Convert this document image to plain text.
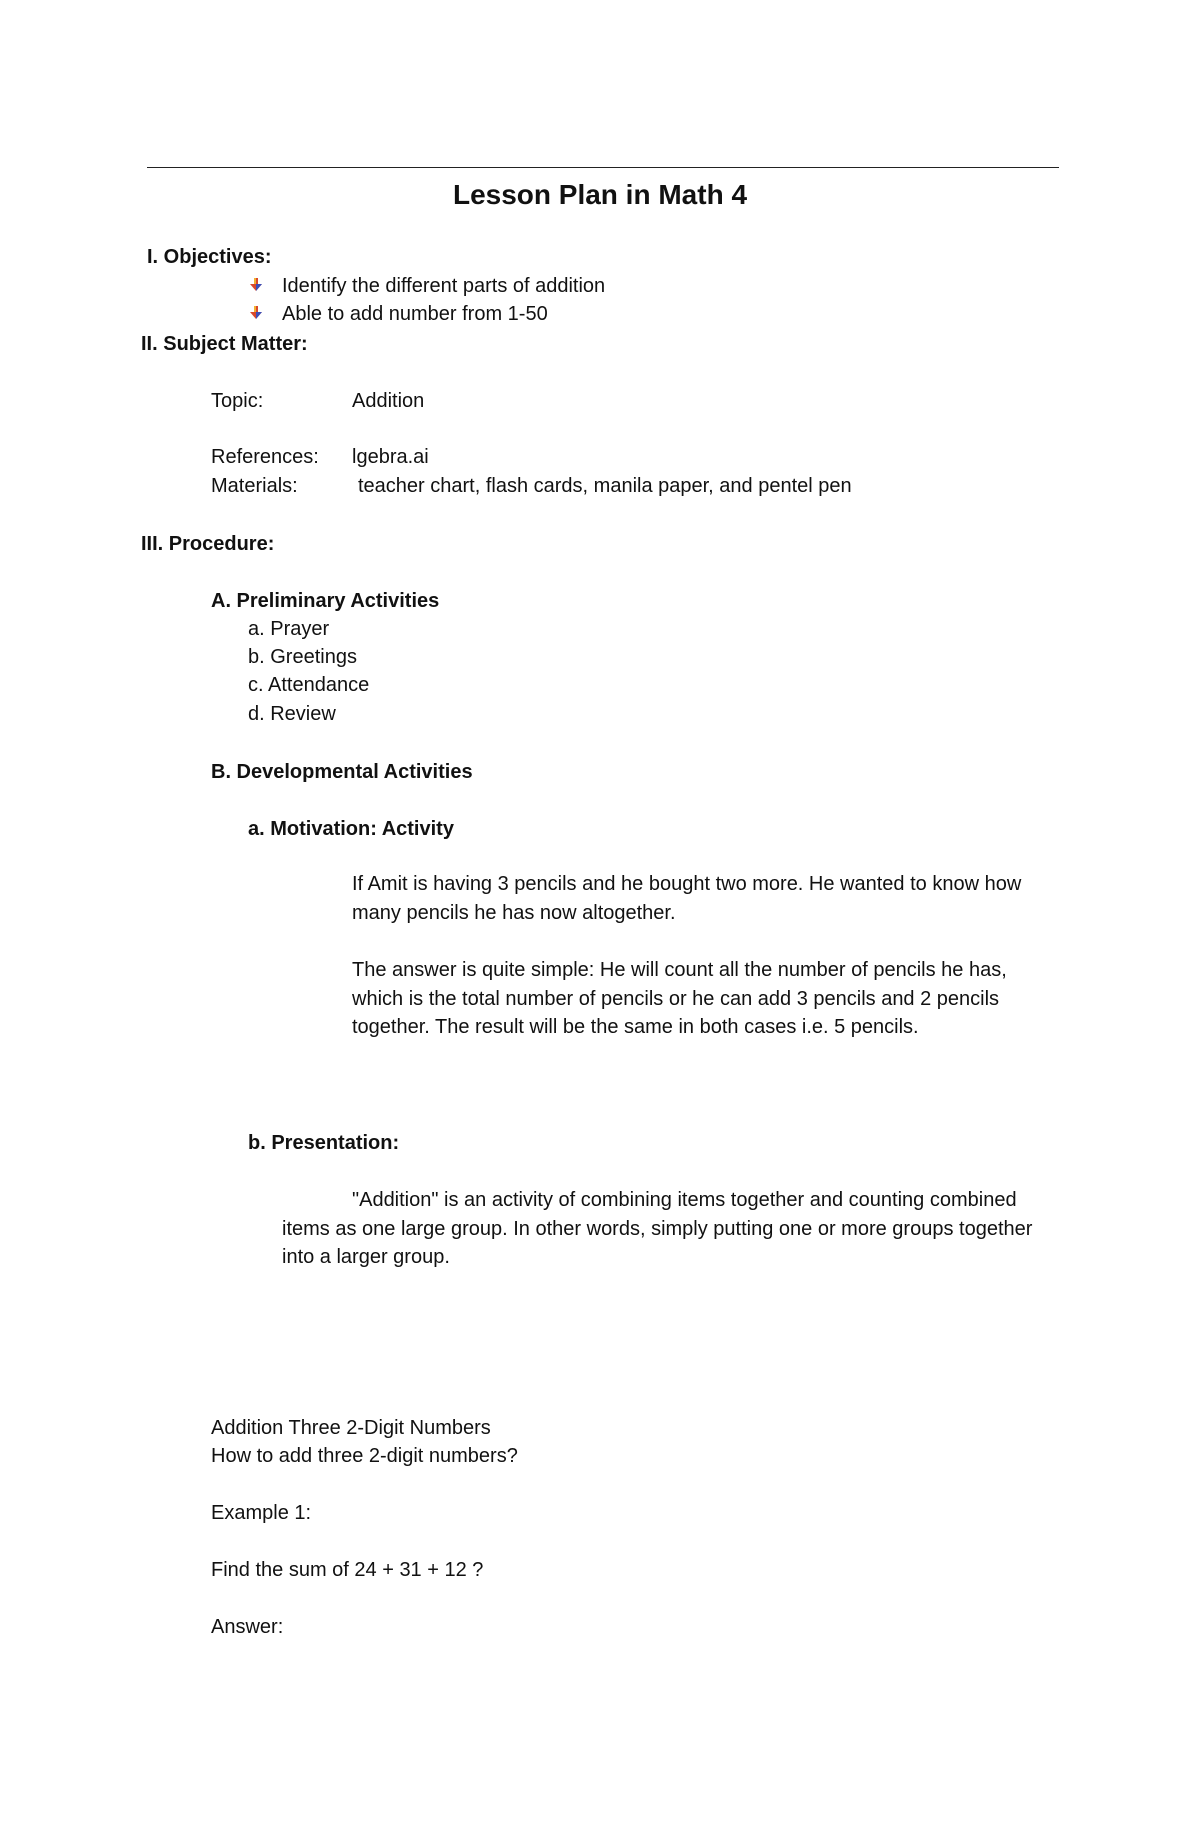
Lesson Plan in Math 4
I. Objectives:
Identify the different parts of addition
Able to add number from 1-50
II. Subject Matter:
Topic:	Addition
References: lgebra.ai
Materials:	teacher chart, flash cards, manila paper, and pentel pen
III. Procedure:
A. Preliminary Activities
a. Prayer
b. Greetings
c. Attendance
d. Review
B. Developmental Activities
a. Motivation: Activity
If Amit is having 3 pencils and he bought two more. He wanted to know how many pencils he has now altogether.
The answer is quite simple: He will count all the number of pencils he has, which is the total number of pencils or he can add 3 pencils and 2 pencils together. The result will be the same in both cases i.e. 5 pencils.
b. Presentation:
"Addition" is an activity of combining items together and counting combined items as one large group. In other words, simply putting one or more groups together into a larger group.
Addition Three 2-Digit Numbers
How to add three 2-digit numbers?
Example 1:
Find the sum of 24 + 31 + 12 ?
Answer:
